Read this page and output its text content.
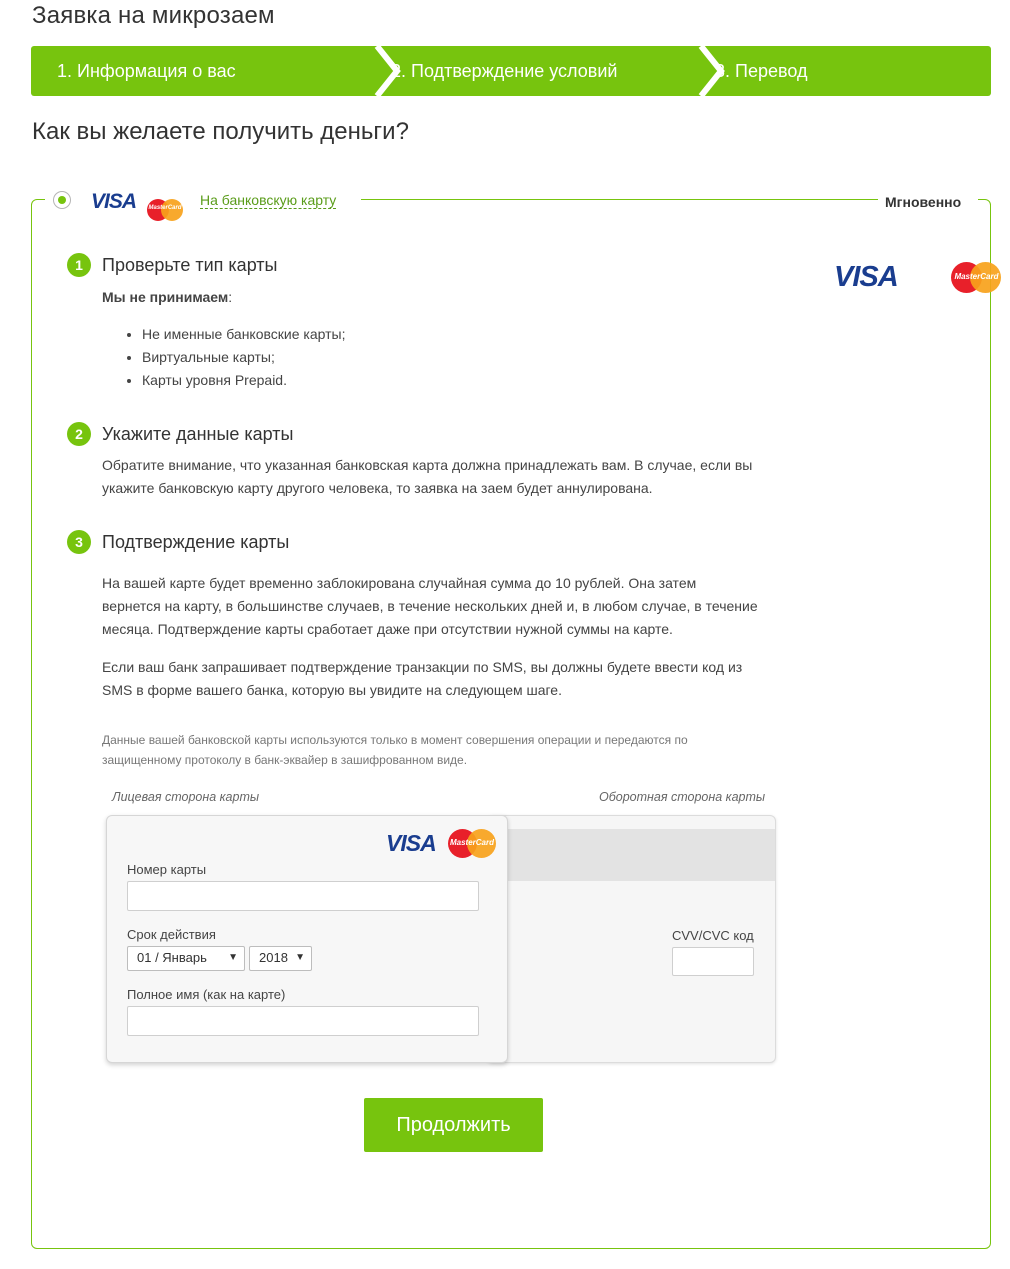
Заявка на микрозаем
1. Информация о вас	2. Подтверждение условий	3. Перевод
Как вы желаете получить деньги?
VISA MasterCard
На банковскую карту	Мгновенно
VISA	MasterCard
1	Проверьте тип карты
Мы не принимаем:
• Не именные банковские карты;
• Виртуальные карты;
• Карты уровня Prepaid.
2	Укажите данные карты
Обратите внимание, что указанная банковская карта должна принадлежать вам. В случае, если вы
укажите банковскую карту другого человека, то заявка на заем будет аннулирована.
3	Подтверждение карты
На вашей карте будет временно заблокирована случайная сумма до 10 рублей. Она затем
вернется на карту, в большинстве случаев, в течение нескольких дней и, в любом случае, в течение
месяца. Подтверждение карты сработает даже при отсутствии нужной суммы на карте.
Если ваш банк запрашивает подтверждение транзакции по SMS, вы должны будете ввести код из
SMS в форме вашего банка, которую вы увидите на следующем шаге.
Данные вашей банковской карты используются только в момент совершения операции и передаются по
защищенному протоколу в банк-эквайер в зашифрованном виде.
Лицевая сторона карты	Оборотная сторона карты
CVV/CVC код
VISA MasterCard
Номер карты
Срок действия
01 / Январь ▼	2018 ▼
Полное имя (как на карте)
Продолжить
